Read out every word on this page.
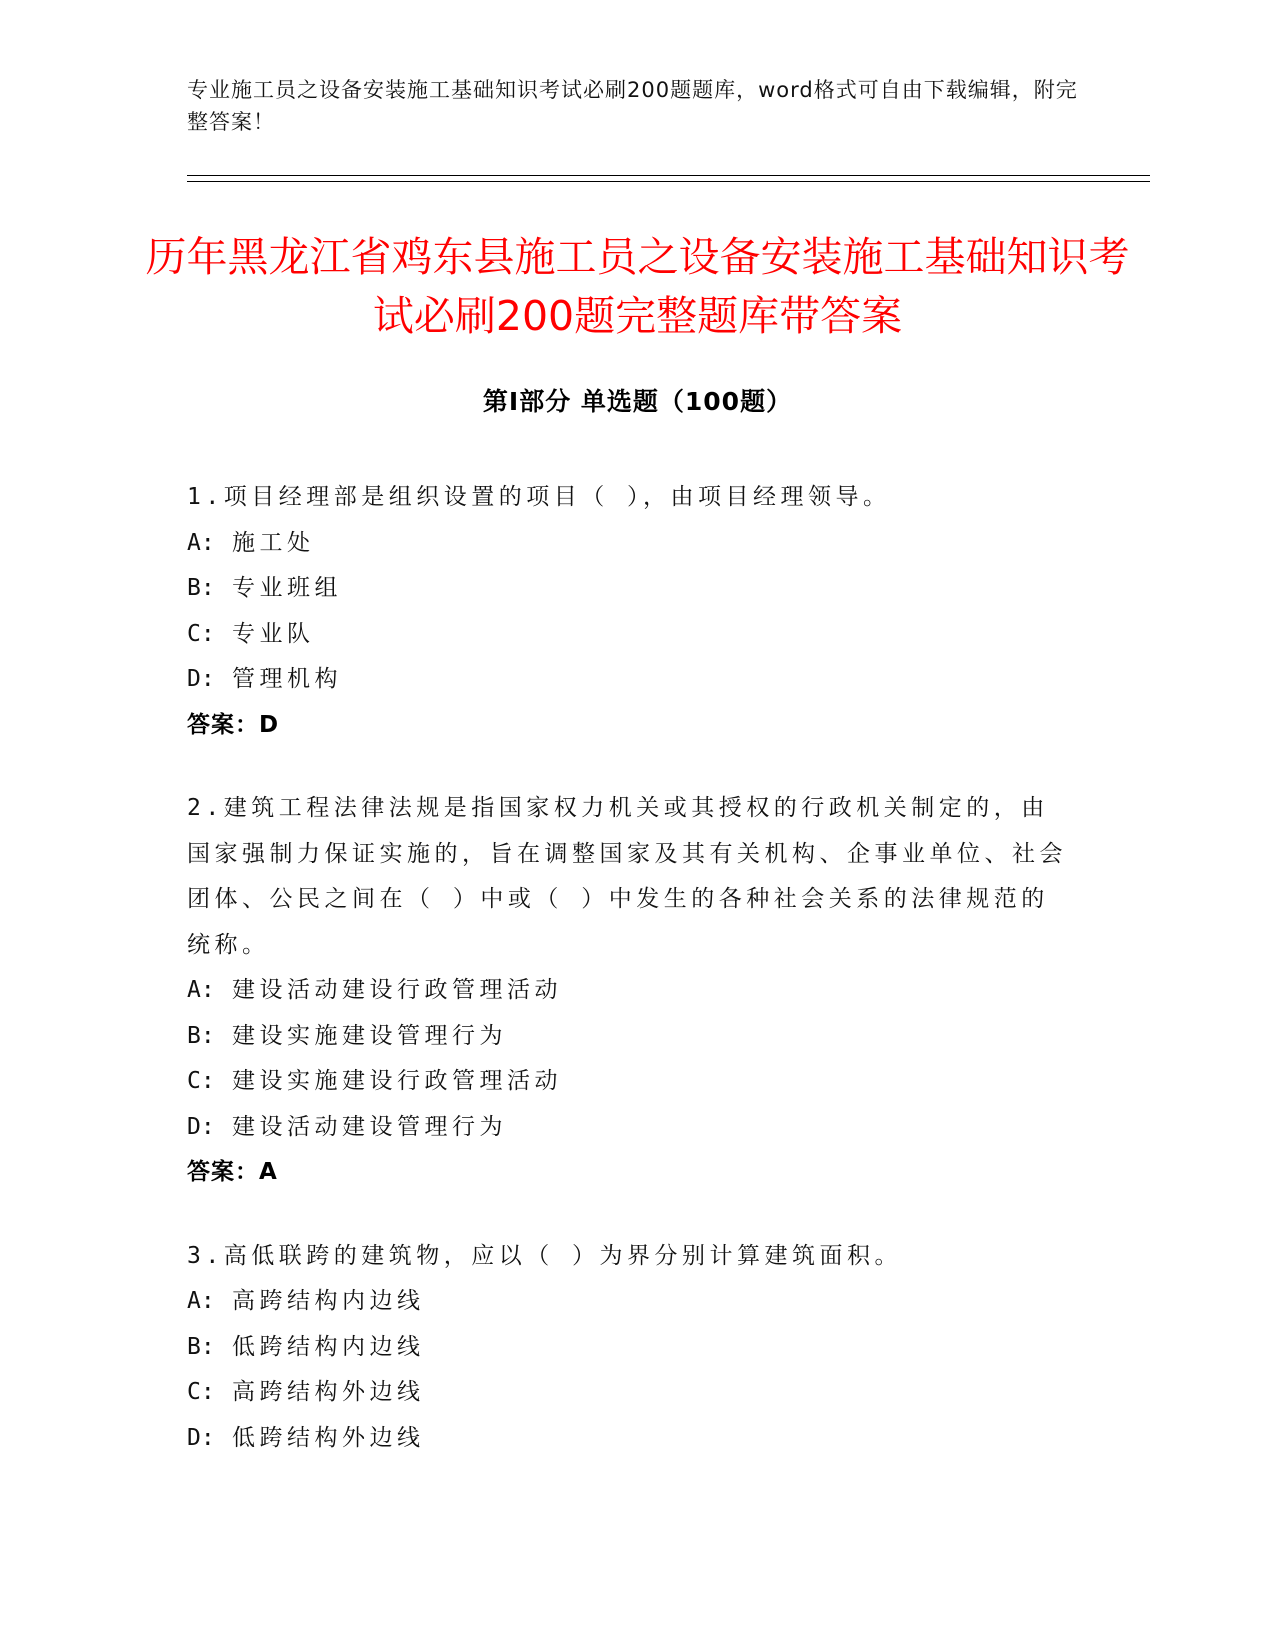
专业施工员之设备安装施工基础知识考试必刷200题题库，word格式可自由下载编辑，附完整答案！
历年黑龙江省鸡东县施工员之设备安装施工基础知识考试必刷200题完整题库带答案
第Ⅰ部分 单选题（100题）
1.项目经理部是组织设置的项目（ ），由项目经理领导。
A: 施工处
B: 专业班组
C: 专业队
D: 管理机构
答案：D
2.建筑工程法律法规是指国家权力机关或其授权的行政机关制定的，由国家强制力保证实施的，旨在调整国家及其有关机构、企事业单位、社会团体、公民之间在（ ）中或（ ）中发生的各种社会关系的法律规范的统称。
A: 建设活动建设行政管理活动
B: 建设实施建设管理行为
C: 建设实施建设行政管理活动
D: 建设活动建设管理行为
答案：A
3.高低联跨的建筑物，应以（ ）为界分别计算建筑面积。
A: 高跨结构内边线
B: 低跨结构内边线
C: 高跨结构外边线
D: 低跨结构外边线
